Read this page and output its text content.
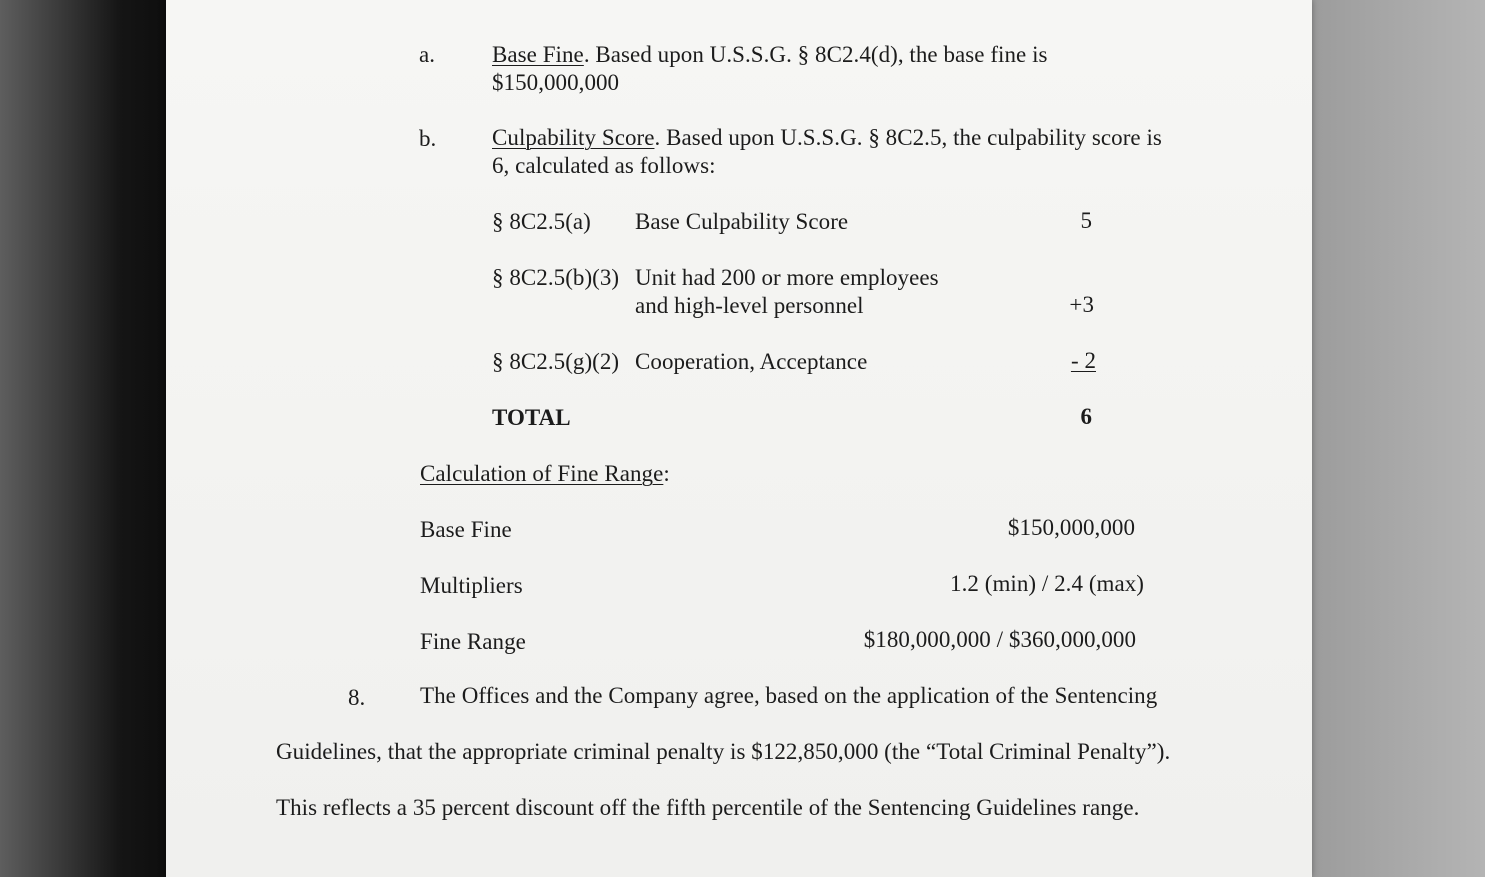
a. Base Fine. Based upon U.S.S.G. § 8C2.4(d), the base fine is
$150,000,000
b. Culpability Score. Based upon U.S.S.G. § 8C2.5, the culpability score is
6, calculated as follows:
§ 8C2.5(a) Base Culpability Score	5
§ 8C2.5(b)(3) Unit had 200 or more employees
and high-level personnel	+3
§ 8C2.5(g)(2) Cooperation, Acceptance	- 2
TOTAL	6
Calculation of Fine Range:
Base Fine	$150,000,000
Multipliers	1.2 (min) / 2.4 (max)
Fine Range	$180,000,000 / $360,000,000
8. The Offices and the Company agree, based on the application of the Sentencing
Guidelines, that the appropriate criminal penalty is $122,850,000 (the “Total Criminal Penalty”).
This reflects a 35 percent discount off the fifth percentile of the Sentencing Guidelines range.
